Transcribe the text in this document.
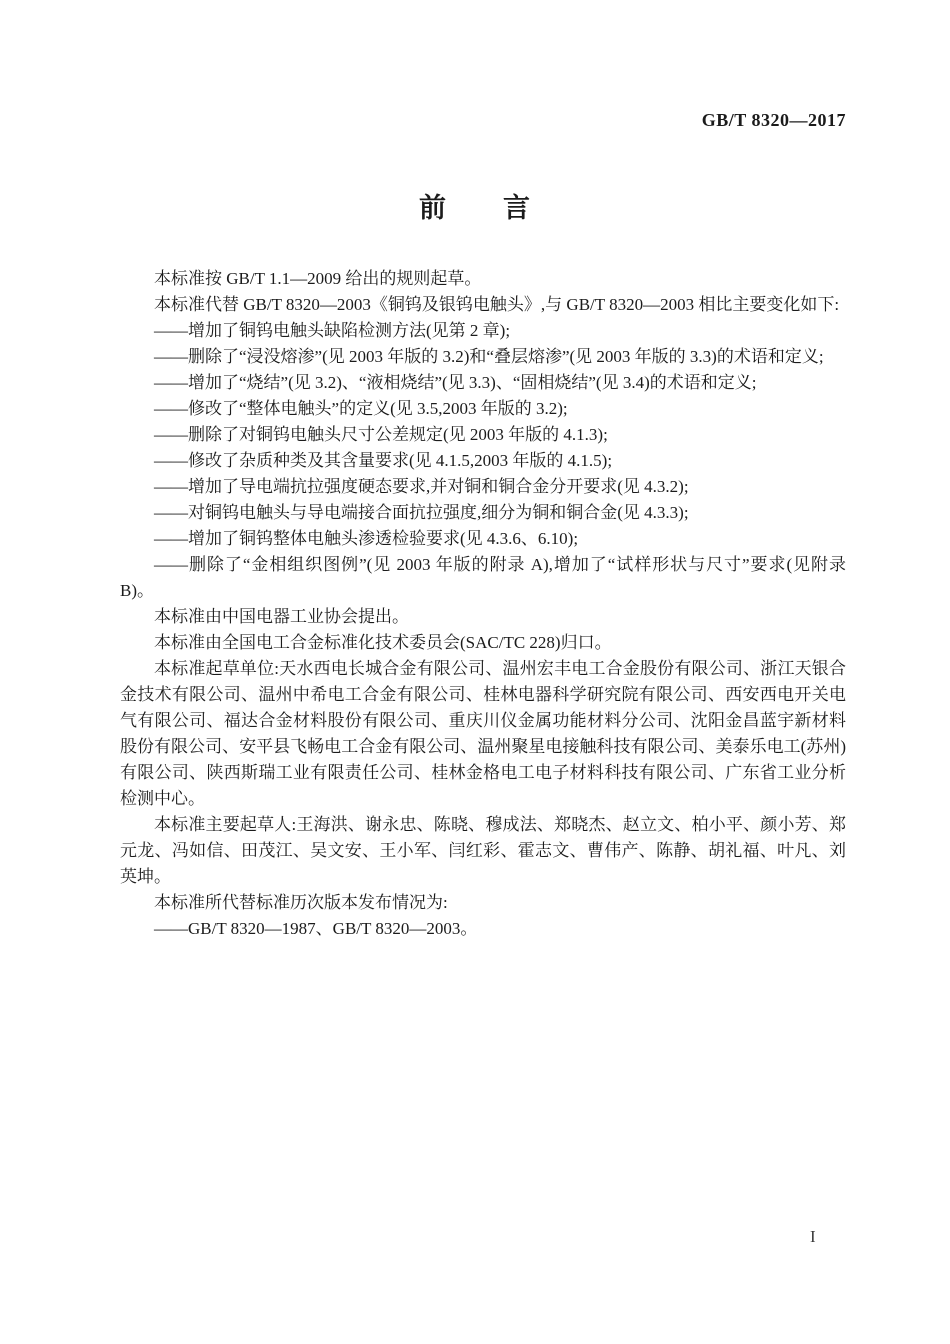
GB/T 8320—2017
前　　言

本标准按 GB/T 1.1—2009 给出的规则起草。

本标准代替 GB/T 8320—2003《铜钨及银钨电触头》,与 GB/T 8320—2003 相比主要变化如下:

——增加了铜钨电触头缺陷检测方法(见第 2 章);

——删除了“浸没熔渗”(见 2003 年版的 3.2)和“叠层熔渗”(见 2003 年版的 3.3)的术语和定义;

——增加了“烧结”(见 3.2)、“液相烧结”(见 3.3)、“固相烧结”(见 3.4)的术语和定义;

——修改了“整体电触头”的定义(见 3.5,2003 年版的 3.2);

——删除了对铜钨电触头尺寸公差规定(见 2003 年版的 4.1.3);

——修改了杂质种类及其含量要求(见 4.1.5,2003 年版的 4.1.5);

——增加了导电端抗拉强度硬态要求,并对铜和铜合金分开要求(见 4.3.2);

——对铜钨电触头与导电端接合面抗拉强度,细分为铜和铜合金(见 4.3.3);

——增加了铜钨整体电触头渗透检验要求(见 4.3.6、6.10);

——删除了“金相组织图例”(见 2003 年版的附录 A),增加了“试样形状与尺寸”要求(见附录 B)。

本标准由中国电器工业协会提出。

本标准由全国电工合金标准化技术委员会(SAC/TC 228)归口。

本标准起草单位:天水西电长城合金有限公司、温州宏丰电工合金股份有限公司、浙江天银合金技术有限公司、温州中希电工合金有限公司、桂林电器科学研究院有限公司、西安西电开关电气有限公司、福达合金材料股份有限公司、重庆川仪金属功能材料分公司、沈阳金昌蓝宇新材料股份有限公司、安平县飞畅电工合金有限公司、温州聚星电接触科技有限公司、美泰乐电工(苏州)有限公司、陕西斯瑞工业有限责任公司、桂林金格电工电子材料科技有限公司、广东省工业分析检测中心。

本标准主要起草人:王海洪、谢永忠、陈晓、穆成法、郑晓杰、赵立文、柏小平、颜小芳、郑元龙、冯如信、田茂江、吴文安、王小军、闫红彩、霍志文、曹伟产、陈静、胡礼福、叶凡、刘英坤。

本标准所代替标准历次版本发布情况为:

——GB/T 8320—1987、GB/T 8320—2003。

I
